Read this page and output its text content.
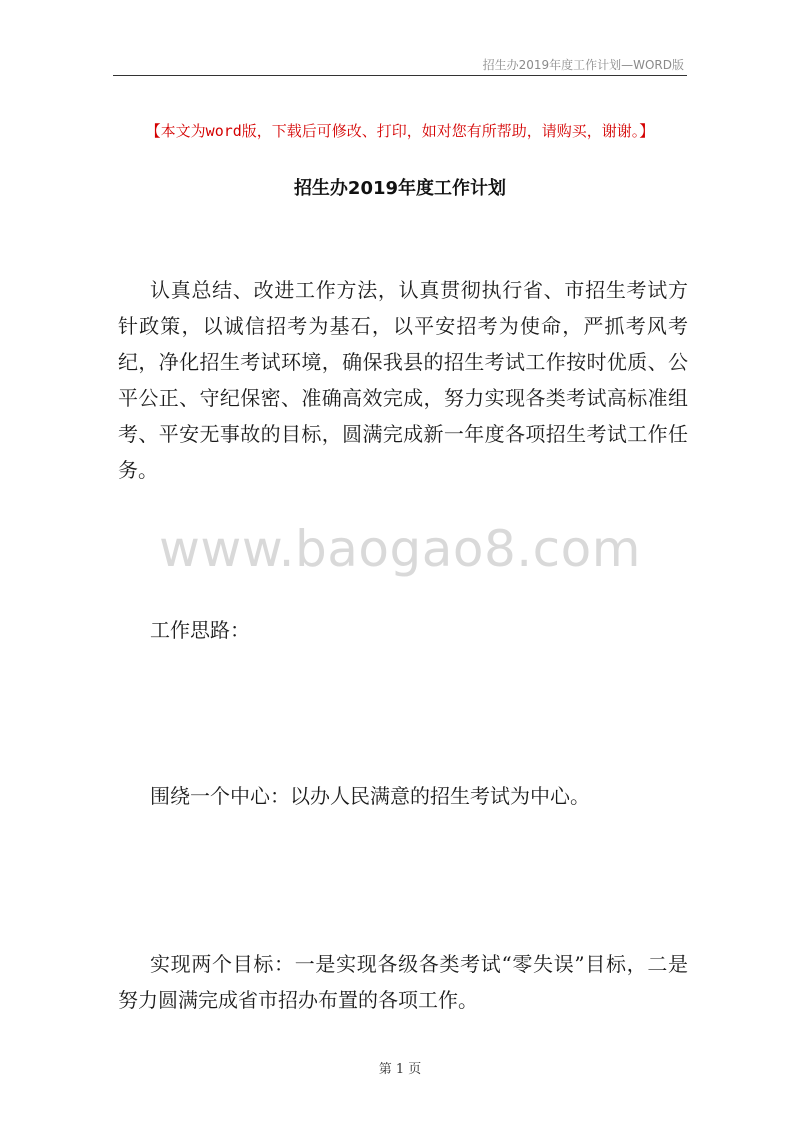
招生办2019年度工作计划—WORD版
【本文为word版，下载后可修改、打印，如对您有所帮助，请购买，谢谢。】
招生办2019年度工作计划

认真总结、改进工作方法，认真贯彻执行省、市招生考试方针政策，以诚信招考为基石，以平安招考为使命，严抓考风考纪，净化招生考试环境，确保我县的招生考试工作按时优质、公平公正、守纪保密、准确高效完成，努力实现各类考试高标准组考、平安无事故的目标，圆满完成新一年度各项招生考试工作任务。

www.baogao8.com

工作思路：

围绕一个中心：以办人民满意的招生考试为中心。

实现两个目标：一是实现各级各类考试“零失误”目标，二是努力圆满完成省市招办布置的各项工作。

第 1 页
